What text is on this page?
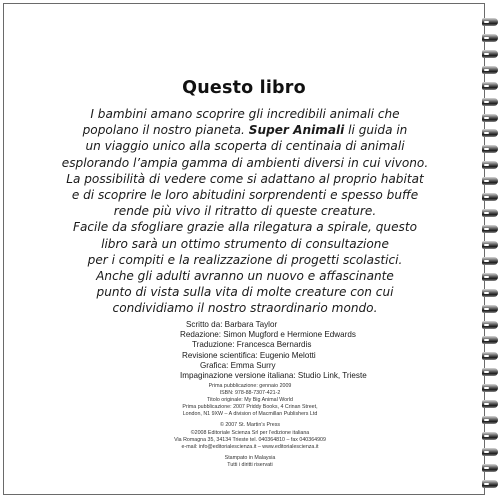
Questo libro
I bambini amano scoprire gli incredibili animali che
popolano il nostro pianeta. Super Animali li guida in
un viaggio unico alla scoperta di centinaia di animali
esplorando l’ampia gamma di ambienti diversi in cui vivono.
La possibilità di vedere come si adattano al proprio habitat
e di scoprire le loro abitudini sorprendenti e spesso buffe
rende più vivo il ritratto di queste creature.
Facile da sfogliare grazie alla rilegatura a spirale, questo
libro sarà un ottimo strumento di consultazione
per i compiti e la realizzazione di progetti scolastici.
Anche gli adulti avranno un nuovo e affascinante
punto di vista sulla vita di molte creature con cui
condividiamo il nostro straordinario mondo.
Scritto da: Barbara Taylor
Redazione: Simon Mugford e Hermione Edwards
Traduzione: Francesca Bernardis
Revisione scientifica: Eugenio Melotti
Grafica: Emma Surry
Impaginazione versione italiana: Studio Link, Trieste
Prima pubblicazione: gennaio 2009
ISBN: 978-88-7307-421-2
Titolo originale: My Big Animal World
Prima pubblicazione: 2007 Priddy Books, 4 Crinan Street,
London, N1 9XW – A division of Macmillan Publishers Ltd
© 2007 St. Martin’s Press
©2008 Editoriale Scienza Srl per l’edizione italiana
Via Romagna 35, 34134 Trieste tel. 040364810 – fax 040364909
e-mail: info@editorialescienza.it – www.editorialescienza.it
Stampato in Malaysia
Tutti i diritti riservati
